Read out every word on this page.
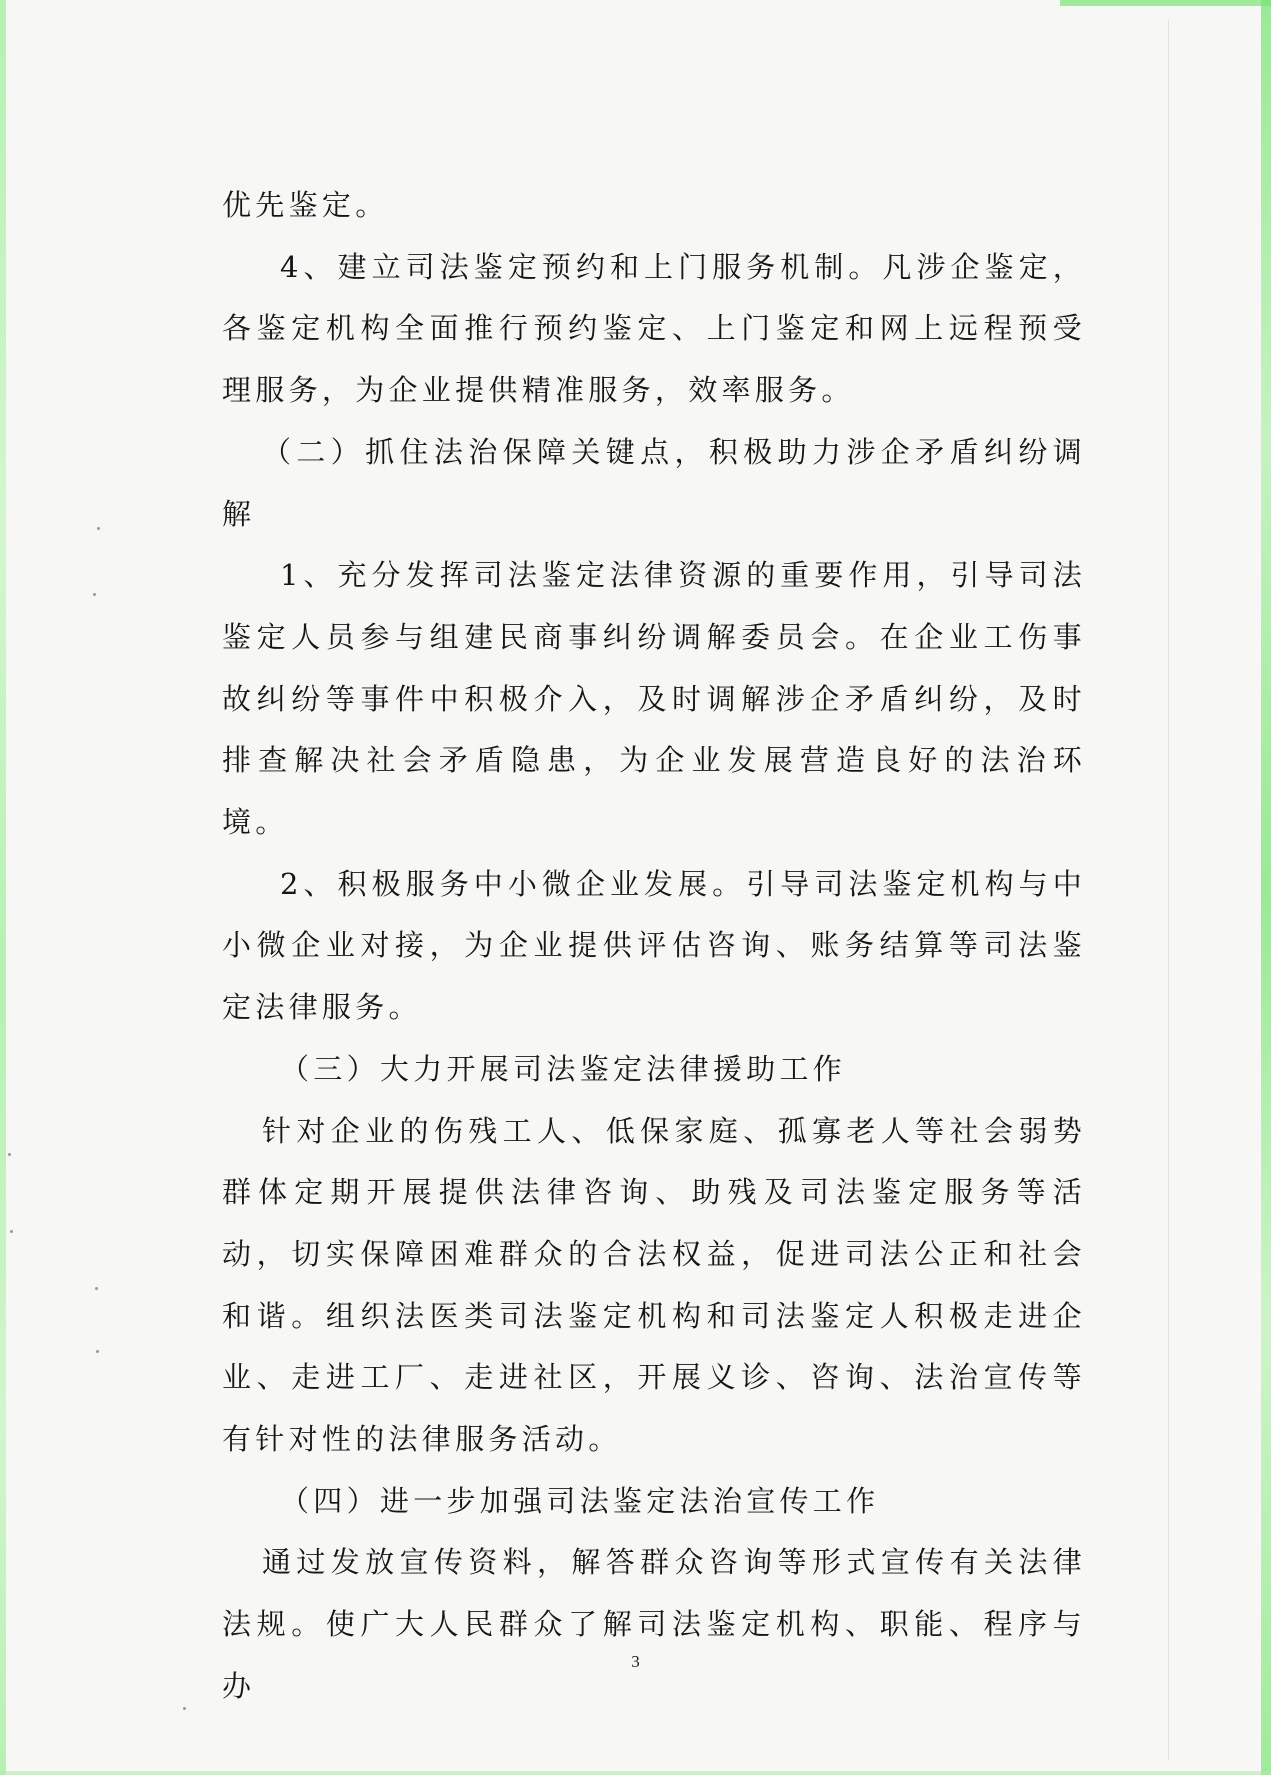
优先鉴定。

4、建立司法鉴定预约和上门服务机制。凡涉企鉴定，各鉴定机构全面推行预约鉴定、上门鉴定和网上远程预受理服务，为企业提供精准服务，效率服务。

（二）抓住法治保障关键点，积极助力涉企矛盾纠纷调解

1、充分发挥司法鉴定法律资源的重要作用，引导司法鉴定人员参与组建民商事纠纷调解委员会。在企业工伤事故纠纷等事件中积极介入，及时调解涉企矛盾纠纷，及时排查解决社会矛盾隐患，为企业发展营造良好的法治环境。

2、积极服务中小微企业发展。引导司法鉴定机构与中小微企业对接，为企业提供评估咨询、账务结算等司法鉴定法律服务。

（三）大力开展司法鉴定法律援助工作

针对企业的伤残工人、低保家庭、孤寡老人等社会弱势群体定期开展提供法律咨询、助残及司法鉴定服务等活动，切实保障困难群众的合法权益，促进司法公正和社会和谐。组织法医类司法鉴定机构和司法鉴定人积极走进企业、走进工厂、走进社区，开展义诊、咨询、法治宣传等有针对性的法律服务活动。

（四）进一步加强司法鉴定法治宣传工作

通过发放宣传资料，解答群众咨询等形式宣传有关法律法规。使广大人民群众了解司法鉴定机构、职能、程序与办

3
